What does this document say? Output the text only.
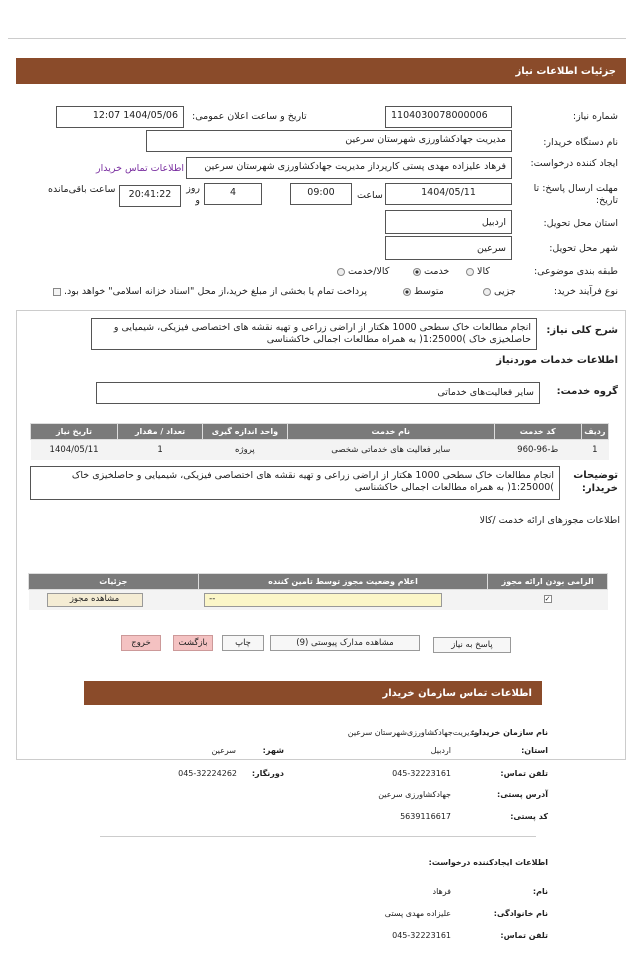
جزئیات اطلاعات نیاز
شماره نیاز:
1104030078000006
تاریخ و ساعت اعلان عمومی:
1404/05/06 12:07
نام دستگاه خریدار:
مدیریت جهادکشاورزی شهرستان سرعین
ایجاد کننده درخواست:
فرهاد علیزاده مهدی پستی کارپرداز مدیریت جهادکشاورزی شهرستان سرعین
اطلاعات تماس خریدار
مهلت ارسال پاسخ: تا تاریخ:
1404/05/11
ساعت
09:00
4
روز و
20:41:22
ساعت باقی‌مانده
استان محل تحویل:
اردبیل
شهر محل تحویل:
سرعین
طبقه بندی موضوعی:
کالا
خدمت
کالا/خدمت
نوع فرآیند خرید:
جزیی
متوسط
پرداخت تمام یا بخشی از مبلغ خرید،از محل "اسناد خزانه اسلامی" خواهد بود.
شرح کلی نیاز:
انجام مطالعات خاک سطحی 1000 هکتار از اراضی زراعی و تهیه نقشه های اختصاصی فیزیکی، شیمیایی و حاصلخیزی خاک )1:25000( به همراه مطالعات اجمالی خاکشناسی
اطلاعات خدمات موردنیاز
گروه خدمت:
سایر فعالیت‌های خدماتی
تاریخ نیاز	تعداد / مقدار	واحد اندازه گیری	نام خدمت	کد خدمت	ردیف
1404/05/11	1	پروژه	سایر فعالیت های خدماتی شخصی	ط-96-960	1
توضیحات خریدار:
انجام مطالعات خاک سطحی 1000 هکتار از اراضی زراعی و تهیه نقشه های اختصاصی فیزیکی، شیمیایی و حاصلخیزی خاک )1:25000( به همراه مطالعات اجمالی خاکشناسی
اطلاعات مجوزهای ارائه خدمت /کالا
جزئیات	اعلام وضعیت مجوز توسط تامین کننده	الزامی بودن ارائه مجوز

مشاهده مجوز	--	✓
پاسخ به نیاز
مشاهده مدارک پیوستی (9)
چاپ
بازگشت
خروج
اطلاعات تماس سازمان خریدار
نام سازمان خریدار:
مدیریت‌جهادکشاورزی‌شهرستان سرعین
استان:
اردبیل
شهر:
سرعین
تلفن تماس:
045-32223161
دورنگار:
045-32224262
آدرس پستی:
جهادکشاورزی سرعین
کد پستی:
5639116617
اطلاعات ایجادکننده درخواست:
نام:
فرهاد
نام خانوادگی:
علیزاده مهدی پستی
تلفن تماس:
045-32223161
